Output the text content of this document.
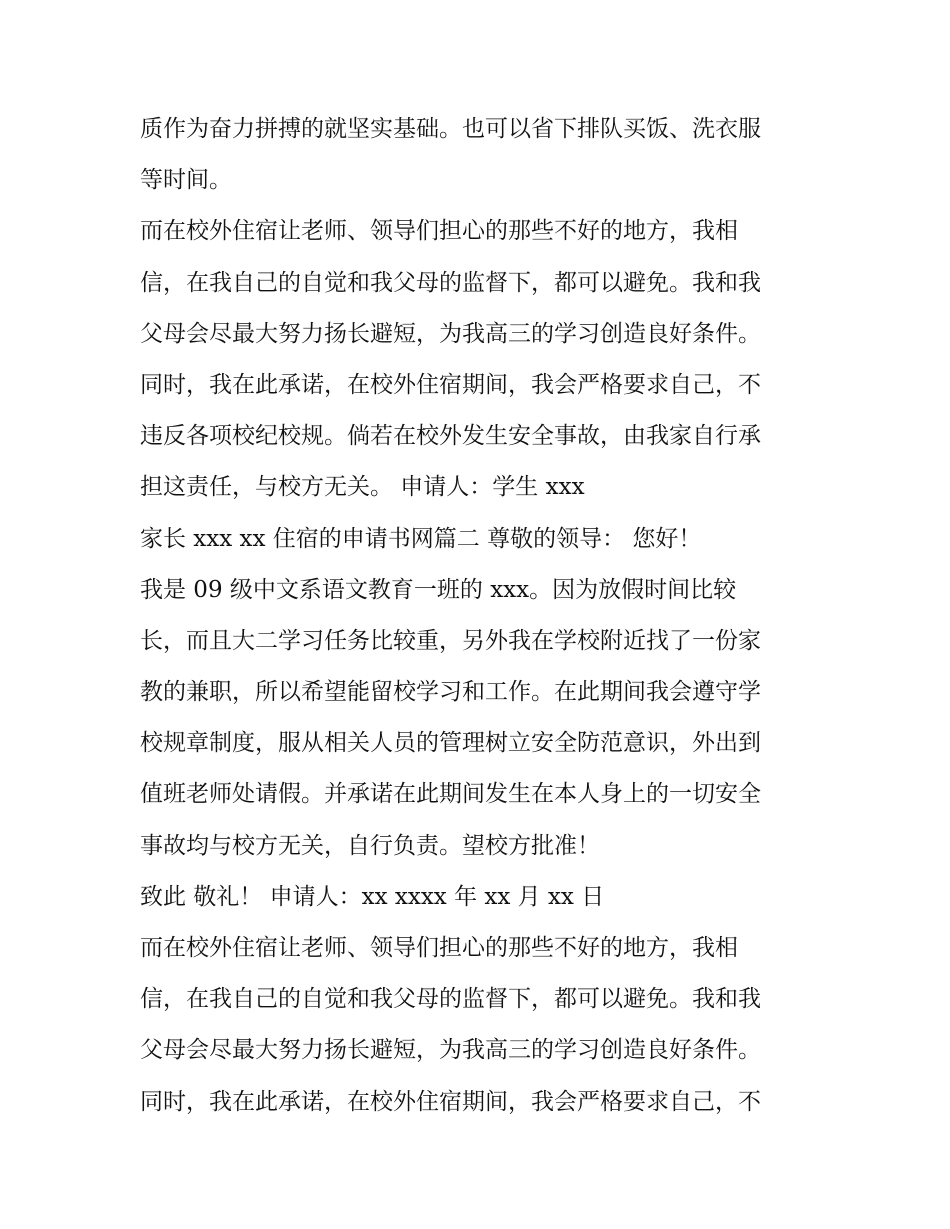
质作为奋力拼搏的就坚实基础。也可以省下排队买饭、洗衣服
等时间。
而在校外住宿让老师、领导们担心的那些不好的地方，我相
信，在我自己的自觉和我父母的监督下，都可以避免。我和我
父母会尽最大努力扬长避短，为我高三的学习创造良好条件。
同时，我在此承诺，在校外住宿期间，我会严格要求自己，不
违反各项校纪校规。倘若在校外发生安全事故，由我家自行承
担这责任，与校方无关。 申请人：学生 xxx
家长 xxx xx 住宿的申请书网篇二 尊敬的领导： 您好！
我是 09 级中文系语文教育一班的 xxx。因为放假时间比较
长，而且大二学习任务比较重，另外我在学校附近找了一份家
教的兼职，所以希望能留校学习和工作。在此期间我会遵守学
校规章制度，服从相关人员的管理树立安全防范意识，外出到
值班老师处请假。并承诺在此期间发生在本人身上的一切安全
事故均与校方无关，自行负责。望校方批准！
致此 敬礼！ 申请人：xx xxxx 年 xx 月 xx 日
而在校外住宿让老师、领导们担心的那些不好的地方，我相
信，在我自己的自觉和我父母的监督下，都可以避免。我和我
父母会尽最大努力扬长避短，为我高三的学习创造良好条件。
同时，我在此承诺，在校外住宿期间，我会严格要求自己，不
